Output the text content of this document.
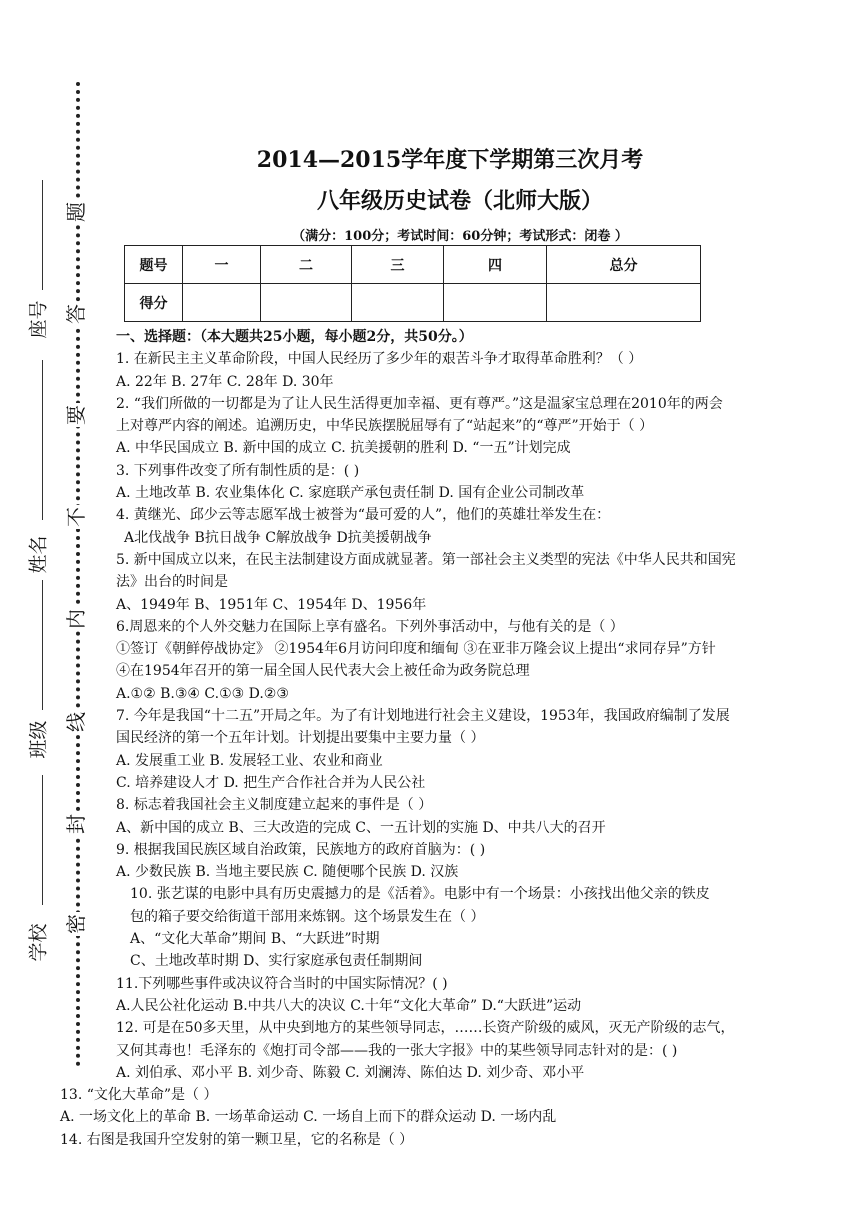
座号
姓名
班级
学校
题
答
要
不
内
线
封
密
2014—2015学年度下学期第三次月考
八年级历史试卷（北师大版）
（满分：100分；考试时间：60分钟；考试形式：闭卷 ）
题号	一	二	三	四	总分
得分					

一、选择题：（本大题共25小题，每小题2分，共50分。）

1. 在新民主主义革命阶段，中国人民经历了多少年的艰苦斗争才取得革命胜利？（ ）

A. 22年 B. 27年 C. 28年 D. 30年

2. “我们所做的一切都是为了让人民生活得更加幸福、更有尊严。”这是温家宝总理在2010年的两会

上对尊严内容的阐述。追溯历史，中华民族摆脱屈辱有了“站起来”的“尊严”开始于（ ）

A. 中华民国成立 B. 新中国的成立 C. 抗美援朝的胜利 D. “一五”计划完成

3. 下列事件改变了所有制性质的是：( )

A. 土地改革 B. 农业集体化 C. 家庭联产承包责任制 D. 国有企业公司制改革

4. 黄继光、邱少云等志愿军战士被誉为“最可爱的人”，他们的英雄壮举发生在：

A北伐战争 B抗日战争 C解放战争 D抗美援朝战争

5. 新中国成立以来，在民主法制建设方面成就显著。第一部社会主义类型的宪法《中华人民共和国宪

法》出台的时间是

A、1949年 B、1951年 C、1954年 D、1956年

6.周恩来的个人外交魅力在国际上享有盛名。下列外事活动中，与他有关的是（ ）

①签订《朝鲜停战协定》 ②1954年6月访问印度和缅甸 ③在亚非万隆会议上提出“求同存异”方针

④在1954年召开的第一届全国人民代表大会上被任命为政务院总理

A.①② B.③④ C.①③ D.②③

7. 今年是我国“十二五”开局之年。为了有计划地进行社会主义建设，1953年，我国政府编制了发展

国民经济的第一个五年计划。计划提出要集中主要力量（ ）

A. 发展重工业 B. 发展轻工业、农业和商业

C. 培养建设人才 D. 把生产合作社合并为人民公社

8. 标志着我国社会主义制度建立起来的事件是（ ）

A、新中国的成立 B、三大改造的完成 C、一五计划的实施 D、中共八大的召开

9. 根据我国民族区域自治政策，民族地方的政府首脑为：( )

A. 少数民族 B. 当地主要民族 C. 随便哪个民族 D. 汉族

10. 张艺谋的电影中具有历史震撼力的是《活着》。电影中有一个场景：小孩找出他父亲的铁皮

包的箱子要交给街道干部用来炼钢。这个场景发生在（ ）

A、“文化大革命”期间 B、“大跃进”时期

C、土地改革时期 D、实行家庭承包责任制期间

11.下列哪些事件或决议符合当时的中国实际情况？( )

A.人民公社化运动 B.中共八大的决议 C.十年“文化大革命” D.“大跃进”运动

12. 可是在50多天里，从中央到地方的某些领导同志，……长资产阶级的威风，灭无产阶级的志气，

又何其毒也！毛泽东的《炮打司令部——我的一张大字报》中的某些领导同志针对的是：( )

A. 刘伯承、邓小平 B. 刘少奇、陈毅 C. 刘澜涛、陈伯达 D. 刘少奇、邓小平

13. “文化大革命”是（ ）

A. 一场文化上的革命 B. 一场革命运动 C. 一场自上而下的群众运动 D. 一场内乱

14. 右图是我国升空发射的第一颗卫星，它的名称是（ ）
